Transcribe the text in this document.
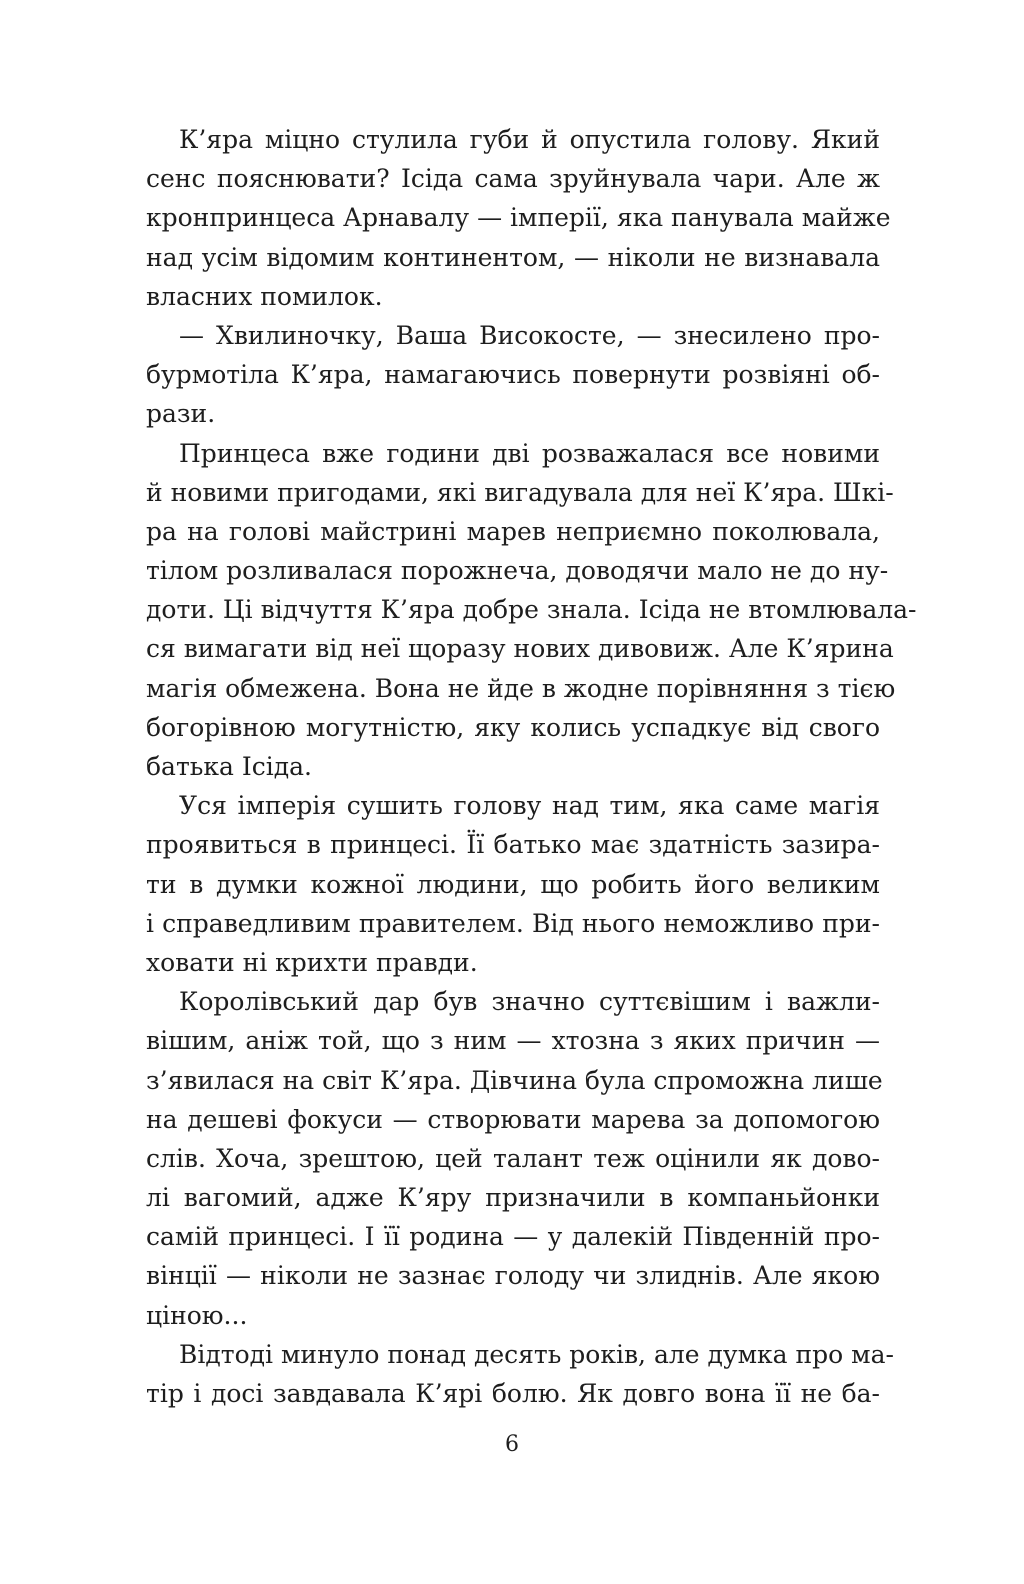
К’яра міцно стулила губи й опустила голову. Який
сенс пояснювати? Ісіда сама зруйнувала чари. Але ж
кронпринцеса Арнавалу — імперії, яка панувала майже
над усім відомим континентом, — ніколи не визнавала
власних помилок.
— Хвилиночку, Ваша Високосте, — знесилено про-
бурмотіла К’яра, намагаючись повернути розвіяні об-
рази.
Принцеса вже години дві розважалася все новими
й новими пригодами, які вигадувала для неї К’яра. Шкі-
ра на голові майстрині марев неприємно поколювала,
тілом розливалася порожнеча, доводячи мало не до ну-
доти. Ці відчуття К’яра добре знала. Ісіда не втомлювала-
ся вимагати від неї щоразу нових дивовиж. Але К’ярина
магія обмежена. Вона не йде в жодне порівняння з тією
богорівною могутністю, яку колись успадкує від свого
батька Ісіда.
Уся імперія сушить голову над тим, яка саме магія
проявиться в принцесі. Її батько має здатність зазира-
ти в думки кожної людини, що робить його великим
і справедливим правителем. Від нього неможливо при-
ховати ні крихти правди.
Королівський дар був значно суттєвішим і важли-
вішим, аніж той, що з ним — хтозна з яких причин —
з’явилася на світ К’яра. Дівчина була спроможна лише
на дешеві фокуси — створювати марева за допомогою
слів. Хоча, зрештою, цей талант теж оцінили як дово-
лі вагомий, адже К’яру призначили в компаньйонки
самій принцесі. І її родина — у далекій Південній про-
вінції — ніколи не зазнає голоду чи злиднів. Але якою
ціною...
Відтоді минуло понад десять років, але думка про ма-
тір і досі завдавала К’ярі болю. Як довго вона її не ба-
6
